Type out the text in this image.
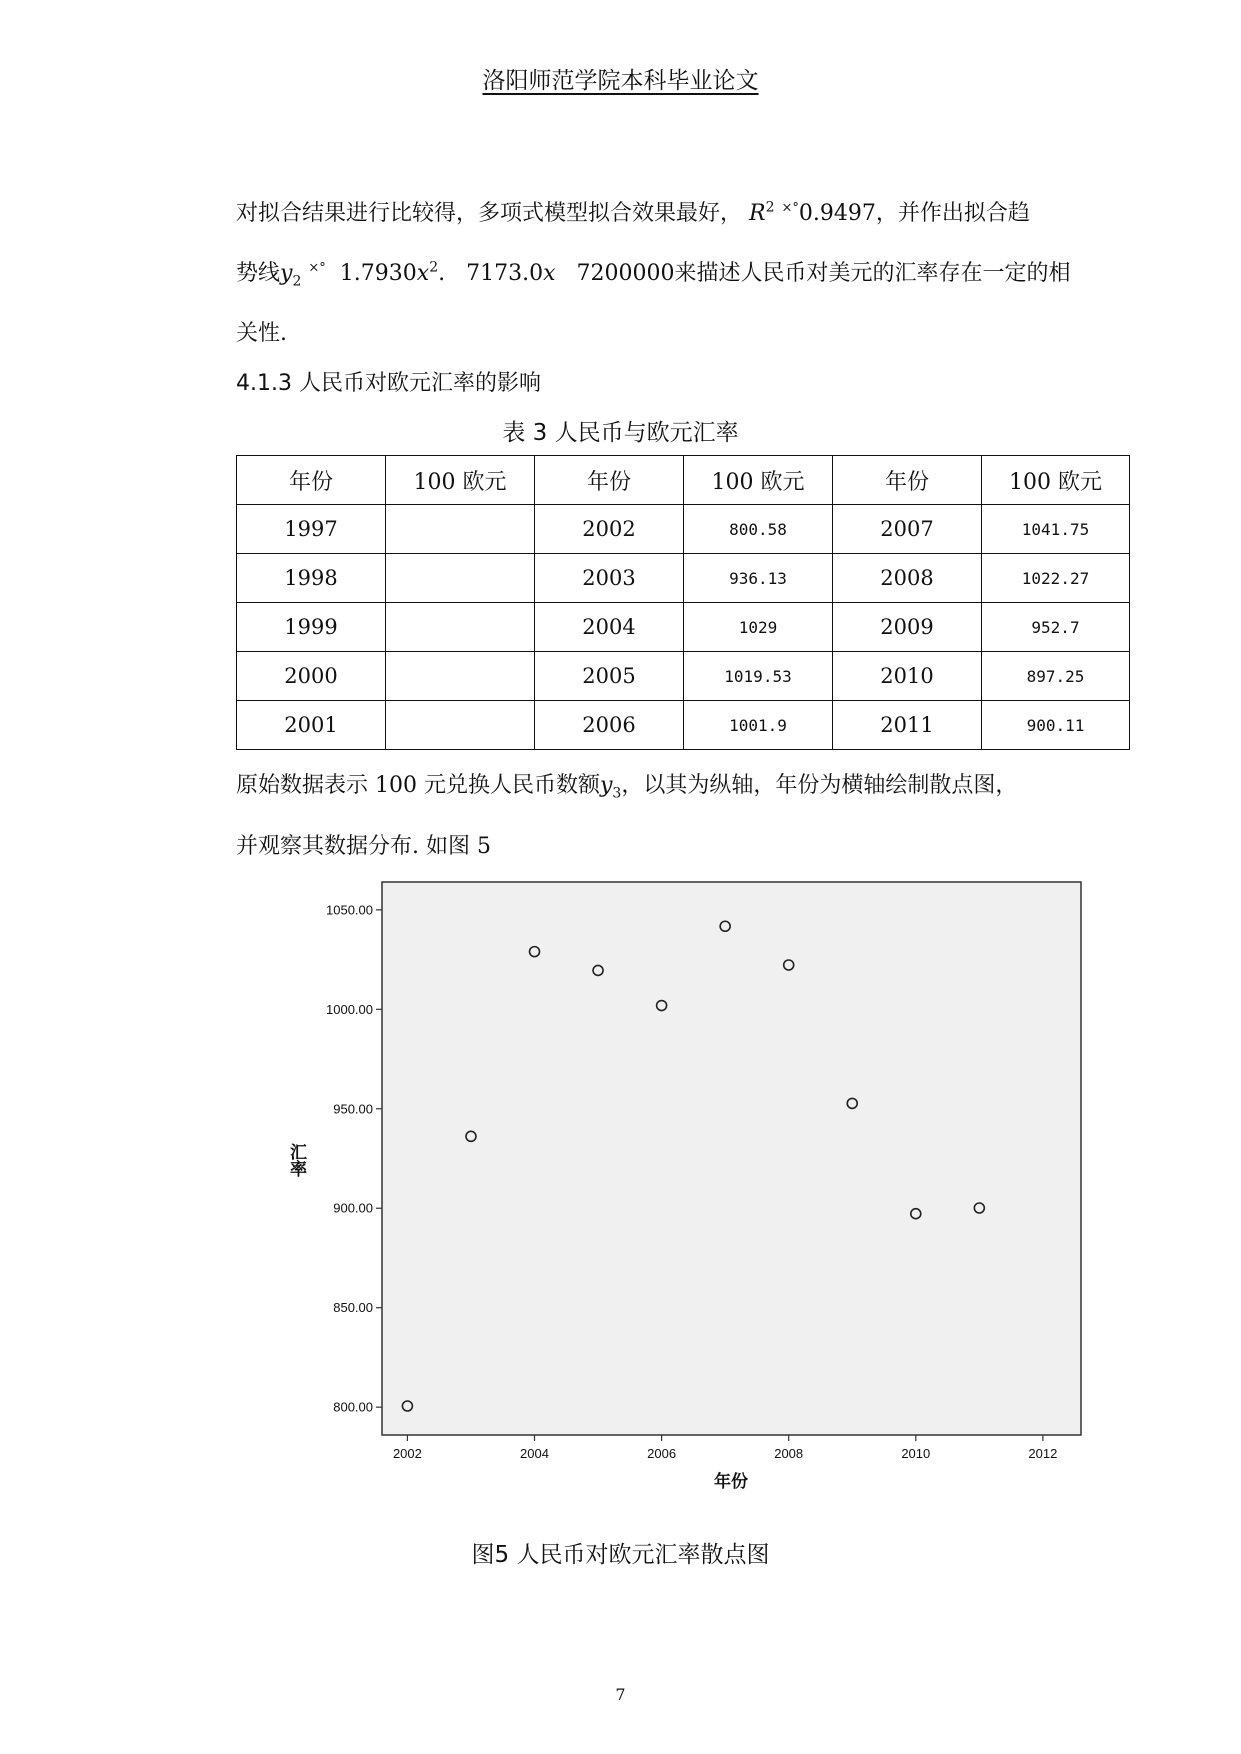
洛阳师范学院本科毕业论文
对拟合结果进行比较得，多项式模型拟合效果最好， $R^2$ ×°0.9497，并作出拟合趋
势线$y_2$ ×° $1.7930x^2$. 7173.0x 7200000来描述人民币对美元的汇率存在一定的相
关性.
4.1.3 人民币对欧元汇率的影响
表 3 人民币与欧元汇率
年份	100 欧元	年份	100 欧元	年份	100 欧元
1997		2002	800.58	2007	1041.75
1998		2003	936.13	2008	1022.27
1999		2004	1029	2009	952.7
2000		2005	1019.53	2010	897.25
2001		2006	1001.9	2011	900.11
原始数据表示 100 元兑换人民币数额$y_3$，以其为纵轴，年份为横轴绘制散点图，
并观察其数据分布. 如图 5
800.00
850.00
900.00
950.00
1000.00
1050.00
2002	2004	2006	2008	2010	2012
年份
汇率
图5 人民币对欧元汇率散点图
7
